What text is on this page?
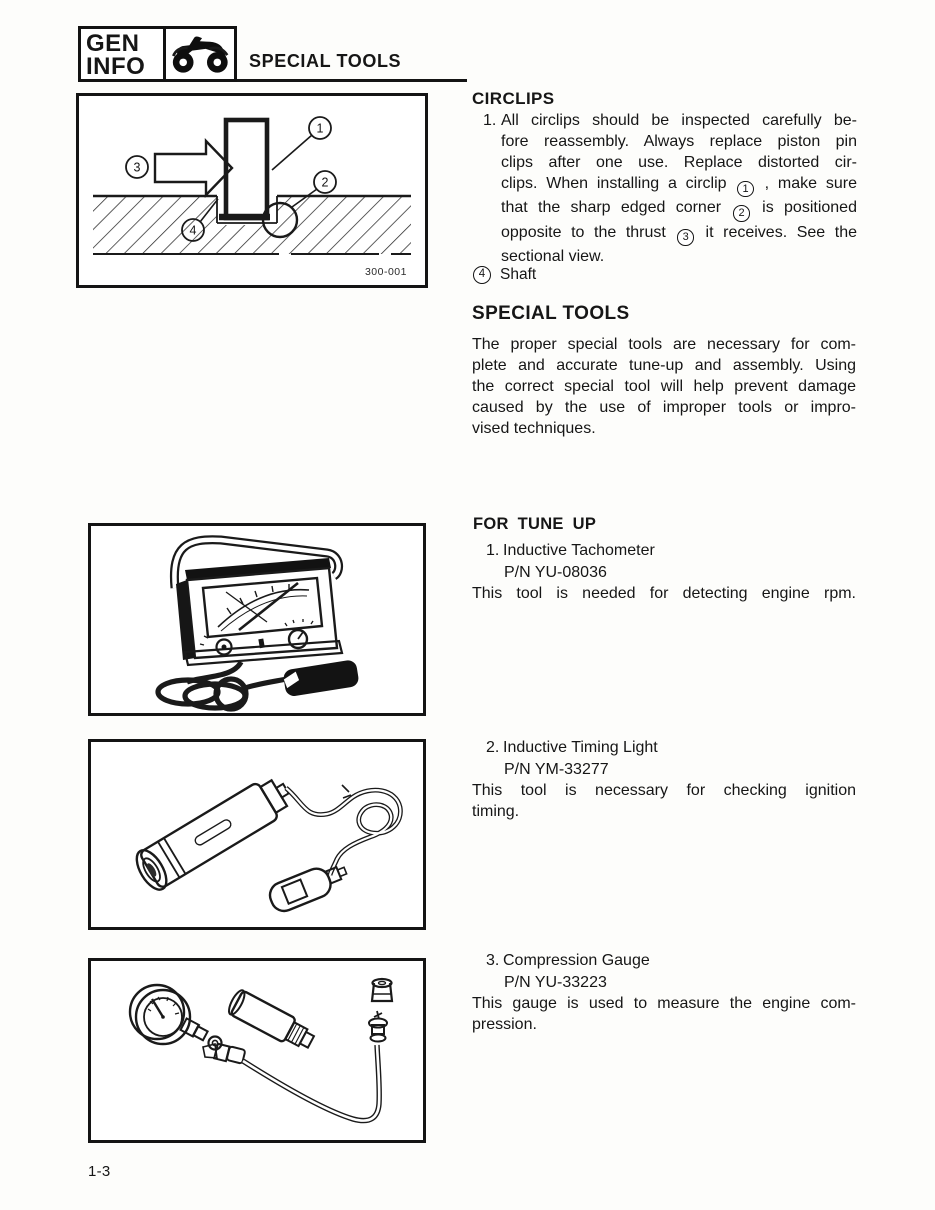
GEN
INFO	SPECIAL TOOLS
1
2
3
4
300-001
CIRCLIPS
1. All circlips should be inspected carefully be-
fore reassembly. Always replace piston pin
clips after one use. Replace distorted cir-
clips. When installing a circlip 1 , make sure
that the sharp edged corner 2 is positioned
opposite to the thrust 3 it receives. See the
sectional view.
4 Shaft
SPECIAL TOOLS
The proper special tools are necessary for com-
plete and accurate tune-up and assembly. Using
the correct special tool will help prevent damage
caused by the use of improper tools or impro-
vised techniques.
FOR TUNE UP
1. Inductive Tachometer
P/N YU-08036
This tool is needed for detecting engine rpm.
2. Inductive Timing Light
P/N YM-33277
This tool is necessary for checking ignition
timing.
3. Compression Gauge
P/N YU-33223
This gauge is used to measure the engine com-
pression.
1-3
